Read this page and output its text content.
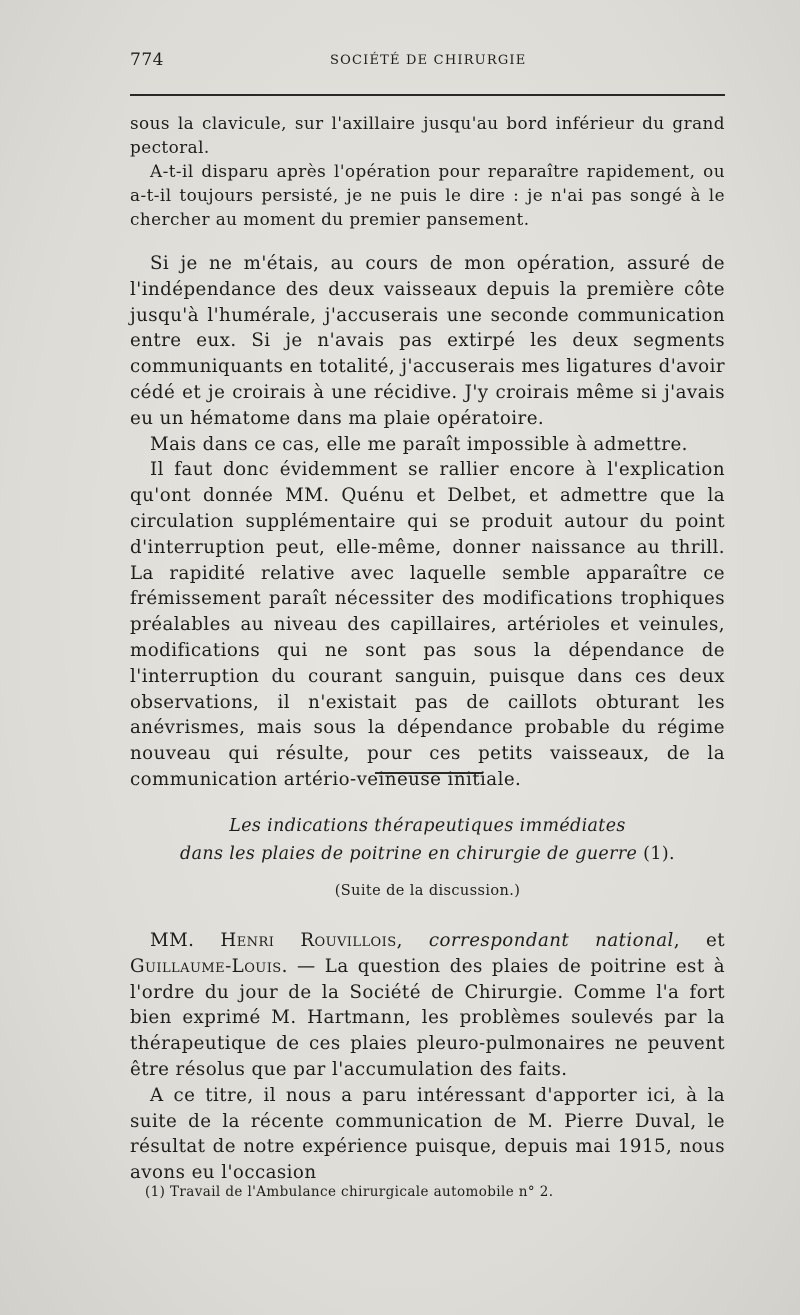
774	SOCIÉTÉ DE CHIRURGIE

sous la clavicule, sur l'axillaire jusqu'au bord inférieur du grand pectoral.

A-t-il disparu après l'opération pour reparaître rapidement, ou a-t-il toujours persisté, je ne puis le dire : je n'ai pas songé à le chercher au moment du premier pansement.

Si je ne m'étais, au cours de mon opération, assuré de l'indépendance des deux vaisseaux depuis la première côte jusqu'à l'humérale, j'accuserais une seconde communication entre eux. Si je n'avais pas extirpé les deux segments communiquants en totalité, j'accuserais mes ligatures d'avoir cédé et je croirais à une récidive. J'y croirais même si j'avais eu un hématome dans ma plaie opératoire.

Mais dans ce cas, elle me paraît impossible à admettre.

Il faut donc évidemment se rallier encore à l'explication qu'ont donnée MM. Quénu et Delbet, et admettre que la circulation supplémentaire qui se produit autour du point d'interruption peut, elle-même, donner naissance au thrill. La rapidité relative avec laquelle semble apparaître ce frémissement paraît nécessiter des modifications trophiques préalables au niveau des capillaires, artérioles et veinules, modifications qui ne sont pas sous la dépendance de l'interruption du courant sanguin, puisque dans ces deux observations, il n'existait pas de caillots obturant les anévrismes, mais sous la dépendance probable du régime nouveau qui résulte, pour ces petits vaisseaux, de la communication artério-veineuse initiale.

Les indications thérapeutiques immédiates
dans les plaies de poitrine en chirurgie de guerre (1).
(Suite de la discussion.)

MM. Henri Rouvillois, correspondant national, et Guillaume-Louis. — La question des plaies de poitrine est à l'ordre du jour de la Société de Chirurgie. Comme l'a fort bien exprimé M. Hartmann, les problèmes soulevés par la thérapeutique de ces plaies pleuro-pulmonaires ne peuvent être résolus que par l'accumulation des faits.

A ce titre, il nous a paru intéressant d'apporter ici, à la suite de la récente communication de M. Pierre Duval, le résultat de notre expérience puisque, depuis mai 1915, nous avons eu l'occasion

(1) Travail de l'Ambulance chirurgicale automobile n° 2.
